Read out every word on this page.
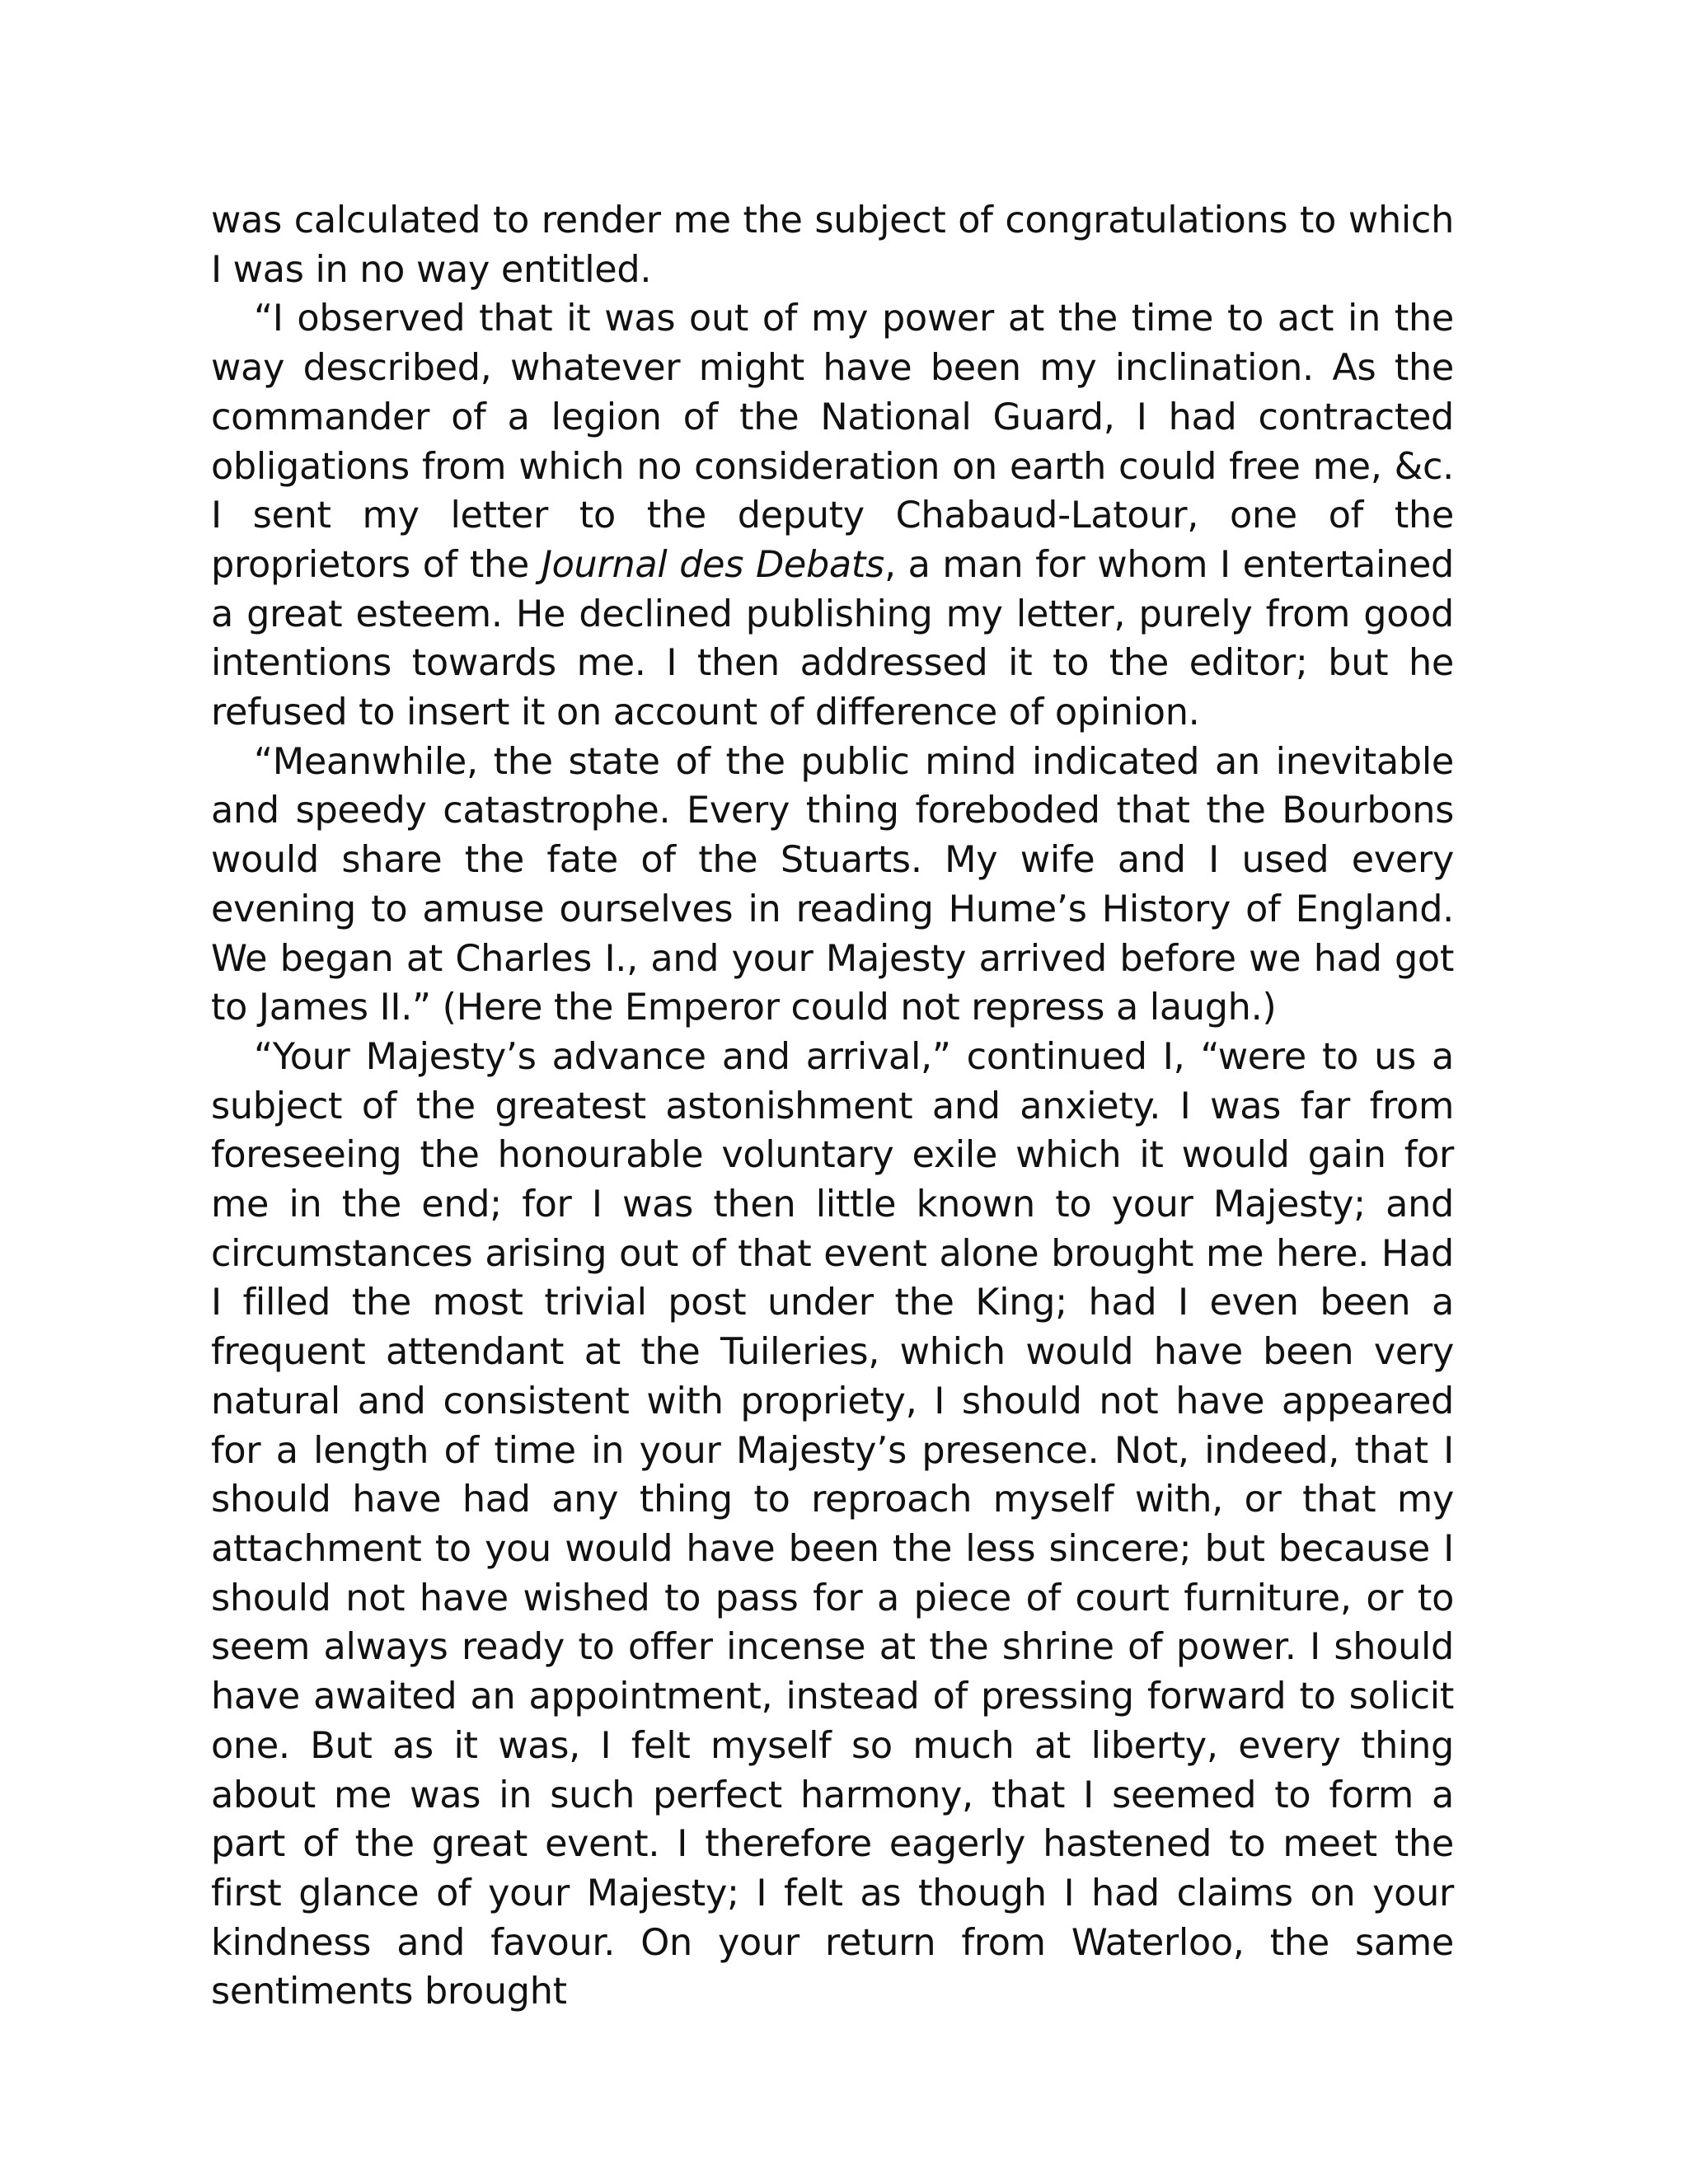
was calculated to render me the subject of congratulations to which I was in no way entitled.

“I observed that it was out of my power at the time to act in the way described, whatever might have been my inclination. As the commander of a legion of the National Guard, I had contracted obligations from which no consideration on earth could free me, &c. I sent my letter to the deputy Chabaud-Latour, one of the proprietors of the Journal des Debats, a man for whom I entertained a great esteem. He declined publishing my letter, purely from good intentions towards me. I then addressed it to the editor; but he refused to insert it on account of difference of opinion.

“Meanwhile, the state of the public mind indicated an inevitable and speedy catastrophe. Every thing foreboded that the Bourbons would share the fate of the Stuarts. My wife and I used every evening to amuse ourselves in reading Hume’s History of England. We began at Charles I., and your Majesty arrived before we had got to James II.” (Here the Emperor could not repress a laugh.)

“Your Majesty’s advance and arrival,” continued I, “were to us a subject of the greatest astonishment and anxiety. I was far from foreseeing the honourable voluntary exile which it would gain for me in the end; for I was then little known to your Majesty; and circumstances arising out of that event alone brought me here. Had I filled the most trivial post under the King; had I even been a frequent attendant at the Tuileries, which would have been very natural and consistent with propriety, I should not have appeared for a length of time in your Majesty’s presence. Not, indeed, that I should have had any thing to reproach myself with, or that my attachment to you would have been the less sincere; but because I should not have wished to pass for a piece of court furniture, or to seem always ready to offer incense at the shrine of power. I should have awaited an appointment, instead of pressing forward to solicit one. But as it was, I felt myself so much at liberty, every thing about me was in such perfect harmony, that I seemed to form a part of the great event. I therefore eagerly hastened to meet the first glance of your Majesty; I felt as though I had claims on your kindness and favour. On your return from Waterloo, the same sentiments brought
